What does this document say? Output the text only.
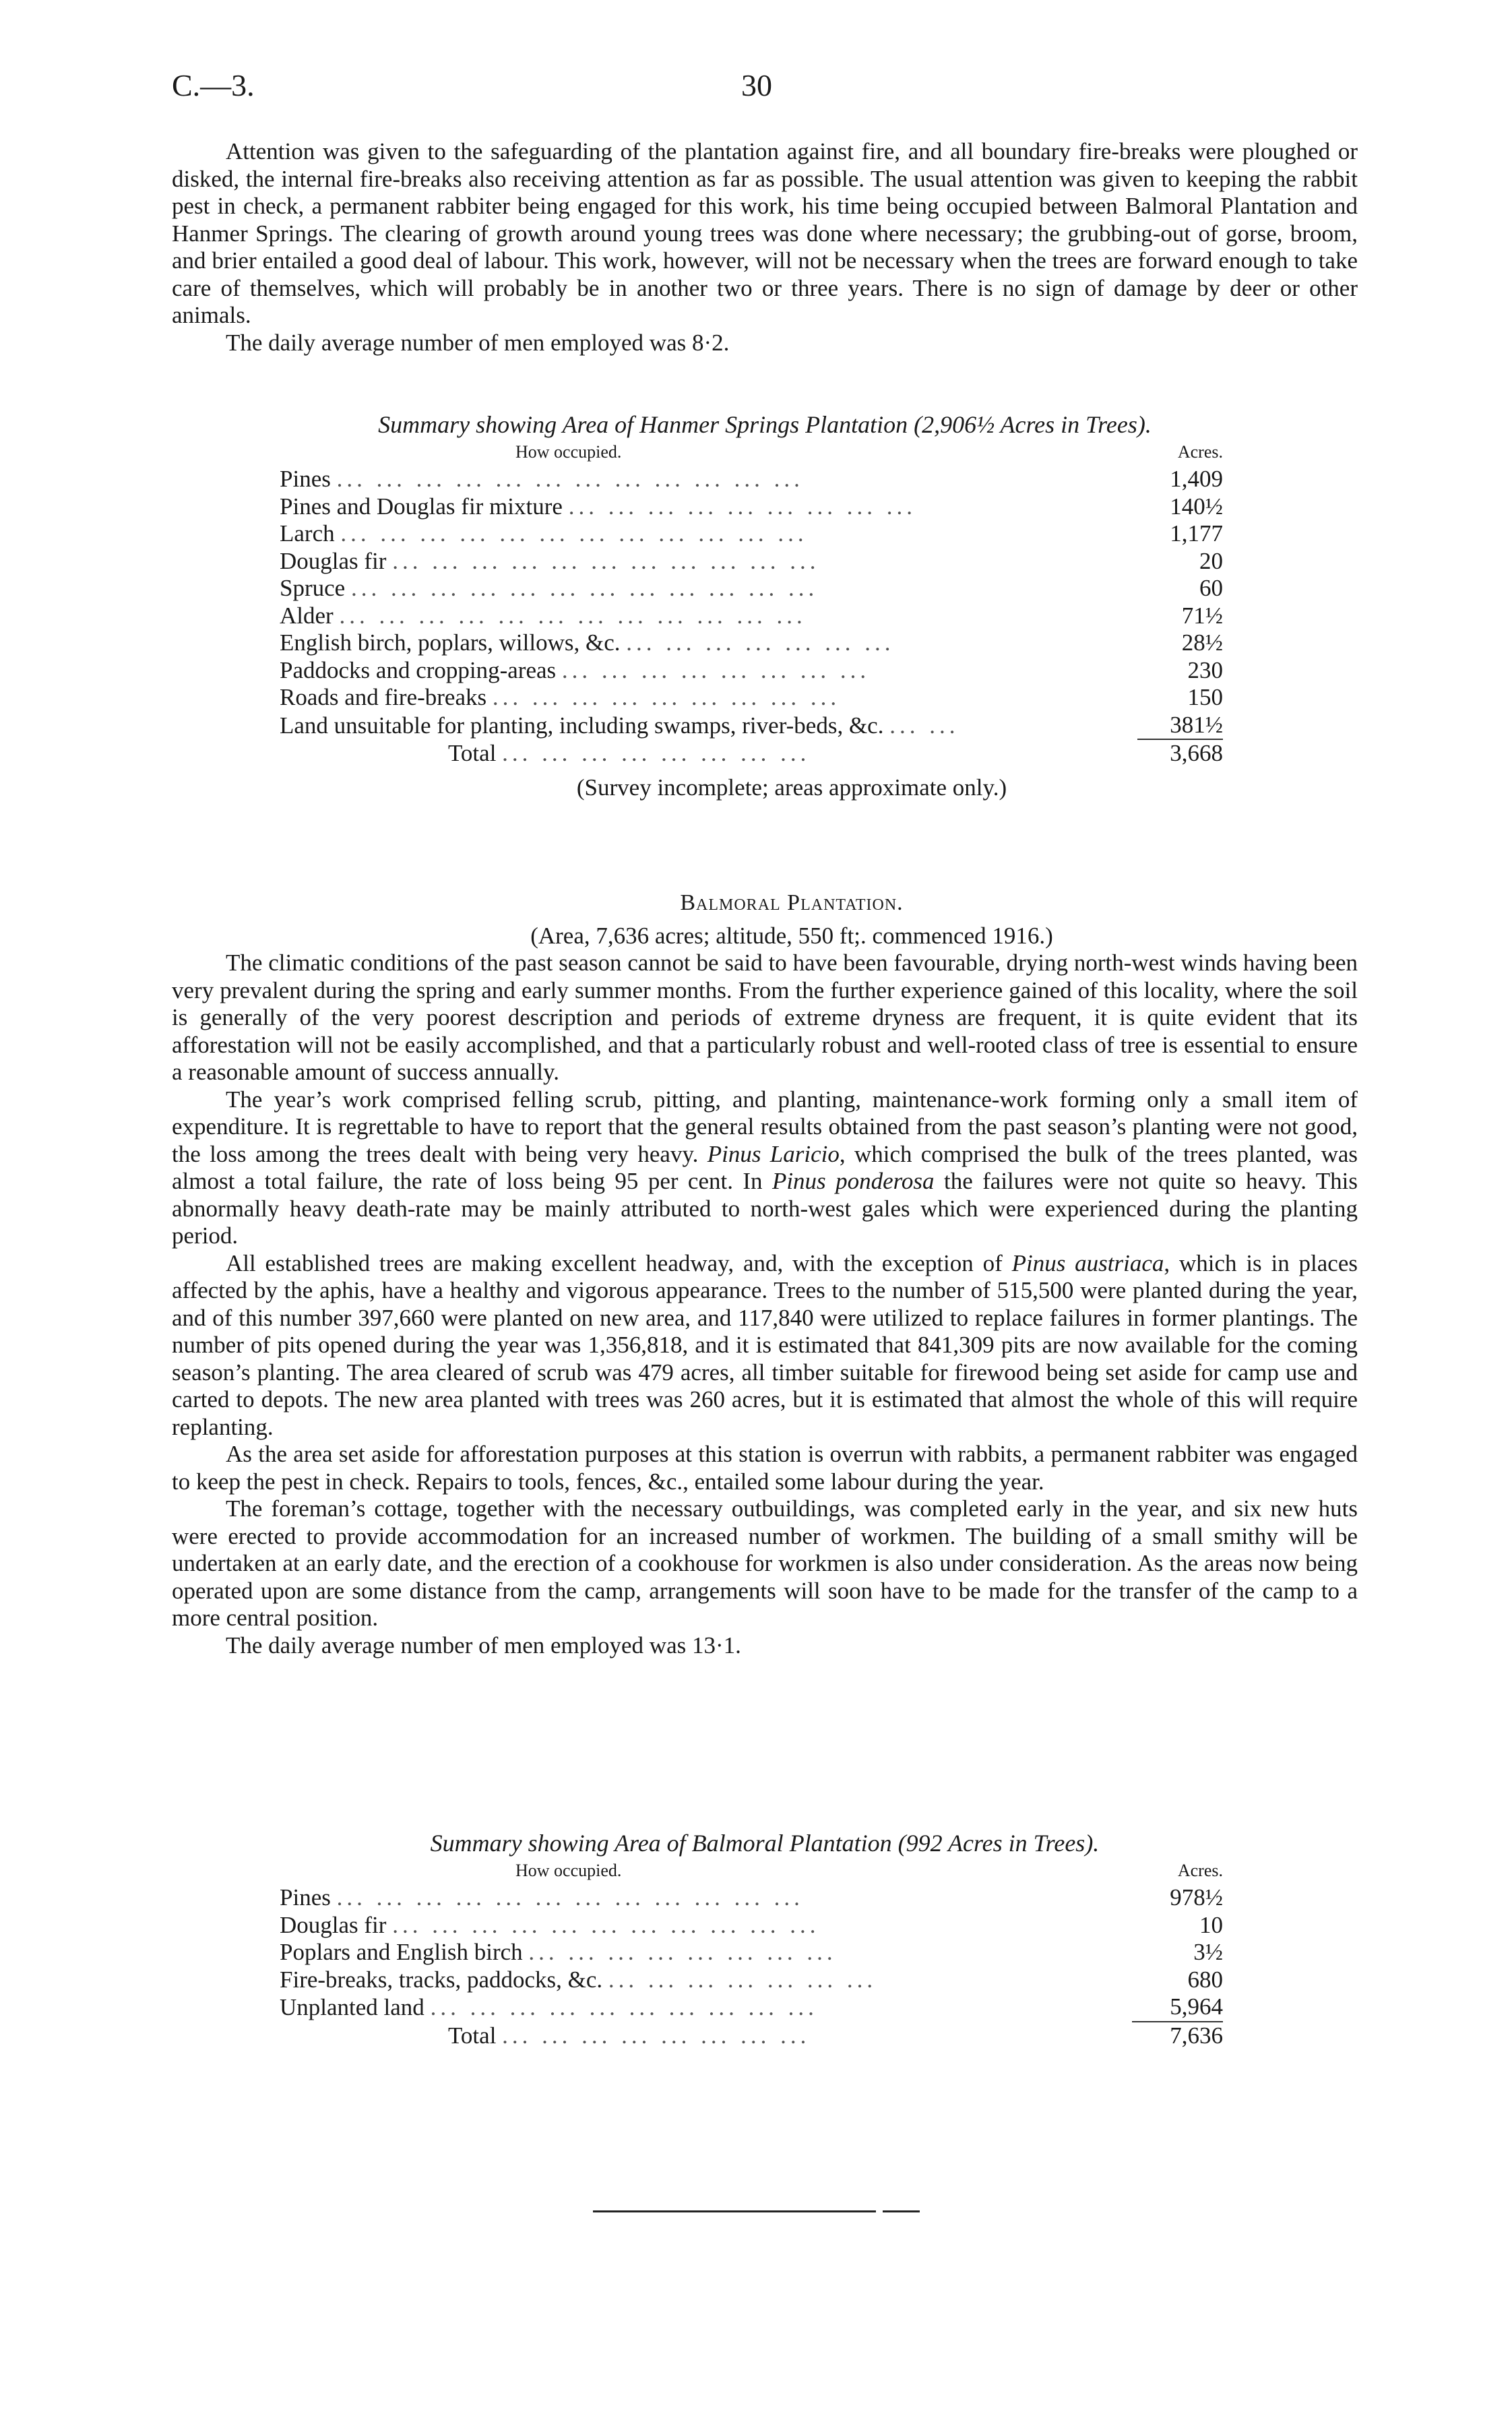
C.—3.	30

Attention was given to the safeguarding of the plantation against fire, and all boundary fire-breaks were ploughed or disked, the internal fire-breaks also receiving attention as far as possible. The usual attention was given to keeping the rabbit pest in check, a permanent rabbiter being engaged for this work, his time being occupied between Balmoral Plantation and Hanmer Springs. The clearing of growth around young trees was done where necessary; the grubbing-out of gorse, broom, and brier entailed a good deal of labour. This work, however, will not be necessary when the trees are forward enough to take care of themselves, which will probably be in another two or three years. There is no sign of damage by deer or other animals.

The daily average number of men employed was 8·2.

Summary showing Area of Hanmer Springs Plantation (2,906½ Acres in Trees).

How occupied.	Acres.
Pines ... ... ... ... ... ... ... ... ... ... ... ...	1,409
Pines and Douglas fir mixture ... ... ... ... ... ... ... ... ...	140½
Larch ... ... ... ... ... ... ... ... ... ... ... ...	1,177
Douglas fir ... ... ... ... ... ... ... ... ... ... ...	20
Spruce ... ... ... ... ... ... ... ... ... ... ... ...	60
Alder ... ... ... ... ... ... ... ... ... ... ... ...	71½
English birch, poplars, willows, &c. ... ... ... ... ... ... ...	28½
Paddocks and cropping-areas ... ... ... ... ... ... ... ...	230
Roads and fire-breaks ... ... ... ... ... ... ... ... ...	150
Land unsuitable for planting, including swamps, river-beds, &c. ... ...	381½
Total ... ... ... ... ... ... ... ...	3,668

(Survey incomplete; areas approximate only.)

Balmoral Plantation.

(Area, 7,636 acres; altitude, 550 ft;. commenced 1916.)

The climatic conditions of the past season cannot be said to have been favourable, drying north-west winds having been very prevalent during the spring and early summer months. From the further experience gained of this locality, where the soil is generally of the very poorest description and periods of extreme dryness are frequent, it is quite evident that its afforestation will not be easily accomplished, and that a particularly robust and well-rooted class of tree is essential to ensure a reasonable amount of success annually.

The year’s work comprised felling scrub, pitting, and planting, maintenance-work forming only a small item of expenditure. It is regrettable to have to report that the general results obtained from the past season’s planting were not good, the loss among the trees dealt with being very heavy. Pinus Laricio, which comprised the bulk of the trees planted, was almost a total failure, the rate of loss being 95 per cent. In Pinus ponderosa the failures were not quite so heavy. This abnormally heavy death-rate may be mainly attributed to north-west gales which were experienced during the planting period.

All established trees are making excellent headway, and, with the exception of Pinus austriaca, which is in places affected by the aphis, have a healthy and vigorous appearance. Trees to the number of 515,500 were planted during the year, and of this number 397,660 were planted on new area, and 117,840 were utilized to replace failures in former plantings. The number of pits opened during the year was 1,356,818, and it is estimated that 841,309 pits are now available for the coming season’s planting. The area cleared of scrub was 479 acres, all timber suitable for firewood being set aside for camp use and carted to depots. The new area planted with trees was 260 acres, but it is estimated that almost the whole of this will require replanting.

As the area set aside for afforestation purposes at this station is overrun with rabbits, a permanent rabbiter was engaged to keep the pest in check. Repairs to tools, fences, &c., entailed some labour during the year.

The foreman’s cottage, together with the necessary outbuildings, was completed early in the year, and six new huts were erected to provide accommodation for an increased number of workmen. The building of a small smithy will be undertaken at an early date, and the erection of a cookhouse for workmen is also under consideration. As the areas now being operated upon are some distance from the camp, arrangements will soon have to be made for the transfer of the camp to a more central position.

The daily average number of men employed was 13·1.

Summary showing Area of Balmoral Plantation (992 Acres in Trees).

How occupied.	Acres.
Pines ... ... ... ... ... ... ... ... ... ... ... ...	978½
Douglas fir ... ... ... ... ... ... ... ... ... ... ...	10
Poplars and English birch ... ... ... ... ... ... ... ...	3½
Fire-breaks, tracks, paddocks, &c. ... ... ... ... ... ... ...	680
Unplanted land ... ... ... ... ... ... ... ... ... ...	5,964
Total ... ... ... ... ... ... ... ...	7,636
